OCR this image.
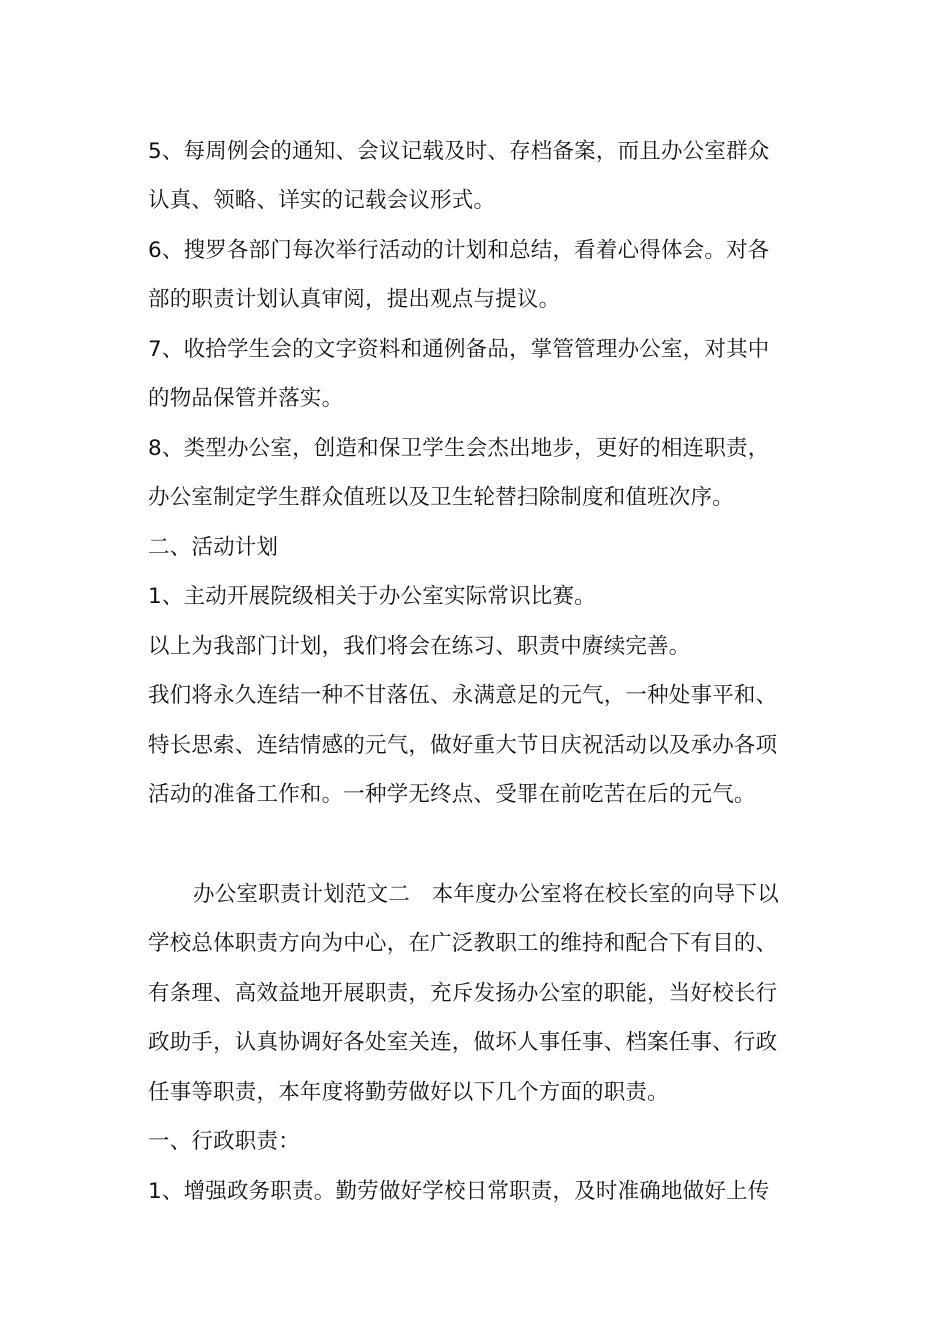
5、每周例会的通知、会议记载及时、存档备案，而且办公室群众
认真、领略、详实的记载会议形式。
6、搜罗各部门每次举行活动的计划和总结，看着心得体会。对各
部的职责计划认真审阅，提出观点与提议。
7、收拾学生会的文字资料和通例备品，掌管管理办公室，对其中
的物品保管并落实。
8、类型办公室，创造和保卫学生会杰出地步，更好的相连职责，
办公室制定学生群众值班以及卫生轮替扫除制度和值班次序。
二、活动计划
1、主动开展院级相关于办公室实际常识比赛。
以上为我部门计划，我们将会在练习、职责中赓续完善。
我们将永久连结一种不甘落伍、永满意足的元气，一种处事平和、
特长思索、连结情感的元气，做好重大节日庆祝活动以及承办各项
活动的准备工作和。一种学无终点、受罪在前吃苦在后的元气。
办公室职责计划范文二　本年度办公室将在校长室的向导下以
学校总体职责方向为中心，在广泛教职工的维持和配合下有目的、
有条理、高效益地开展职责，充斥发扬办公室的职能，当好校长行
政助手，认真协调好各处室关连，做坏人事任事、档案任事、行政
任事等职责，本年度将勤劳做好以下几个方面的职责。
一、行政职责：
1、增强政务职责。勤劳做好学校日常职责，及时准确地做好上传
